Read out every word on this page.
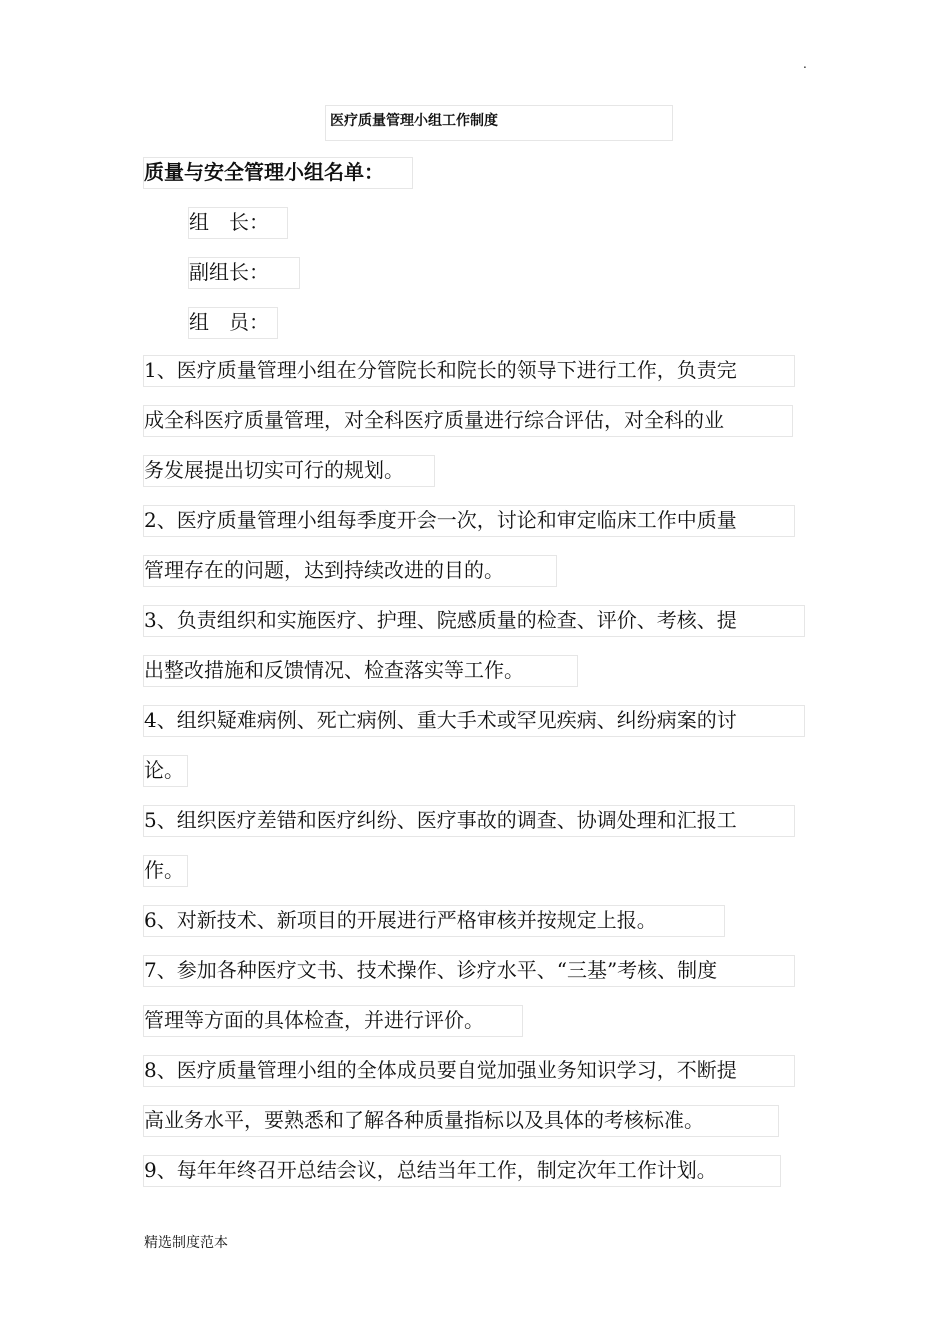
.
医疗质量管理小组工作制度
质量与安全管理小组名单：
组　长：
副组长：
组　员：
1、医疗质量管理小组在分管院长和院长的领导下进行工作，负责完
成全科医疗质量管理，对全科医疗质量进行综合评估，对全科的业
务发展提出切实可行的规划。
2、医疗质量管理小组每季度开会一次，讨论和审定临床工作中质量
管理存在的问题，达到持续改进的目的。
3、负责组织和实施医疗、护理、院感质量的检查、评价、考核、提
出整改措施和反馈情况、检查落实等工作。
4、组织疑难病例、死亡病例、重大手术或罕见疾病、纠纷病案的讨
论。
5、组织医疗差错和医疗纠纷、医疗事故的调查、协调处理和汇报工
作。
6、对新技术、新项目的开展进行严格审核并按规定上报。
7、参加各种医疗文书、技术操作、诊疗水平、“三基”考核、制度
管理等方面的具体检查，并进行评价。
8、医疗质量管理小组的全体成员要自觉加强业务知识学习，不断提
高业务水平，要熟悉和了解各种质量指标以及具体的考核标准。
9、每年年终召开总结会议，总结当年工作，制定次年工作计划。
精选制度范本
